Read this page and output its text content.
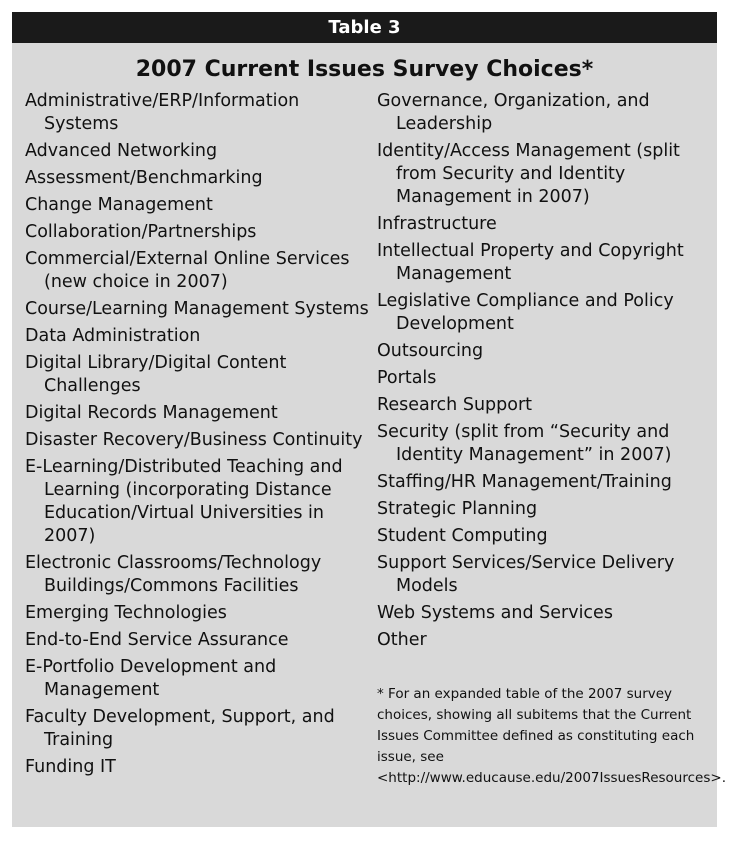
Table 3
2007 Current Issues Survey Choices*
Administrative/ERP/Information Systems
Advanced Networking
Assessment/Benchmarking
Change Management
Collaboration/Partnerships
Commercial/External Online Services (new choice in 2007)
Course/Learning Management Systems
Data Administration
Digital Library/Digital Content Challenges
Digital Records Management
Disaster Recovery/Business Continuity
E-Learning/Distributed Teaching and Learning (incorporating Distance Education/Virtual Universities in 2007)
Electronic Classrooms/Technology Buildings/Commons Facilities
Emerging Technologies
End-to-End Service Assurance
E-Portfolio Development and Management
Faculty Development, Support, and Training
Funding IT
Governance, Organization, and Leadership
Identity/Access Management (split from Security and Identity Management in 2007)
Infrastructure
Intellectual Property and Copyright Management
Legislative Compliance and Policy Development
Outsourcing
Portals
Research Support
Security (split from “Security and Identity Management” in 2007)
Staffing/HR Management/Training
Strategic Planning
Student Computing
Support Services/Service Delivery Models
Web Systems and Services
Other
* For an expanded table of the 2007 survey choices, showing all subitems that the Current Issues Committee defined as constituting each issue, see <http://www.educause.edu/2007IssuesResources>.
